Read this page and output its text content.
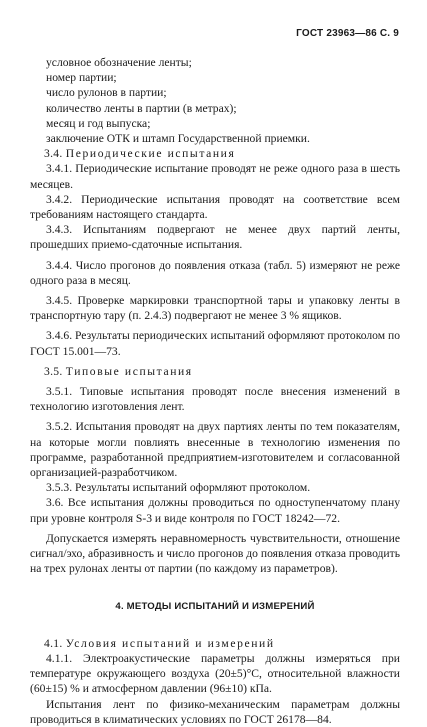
ГОСТ 23963—86 С. 9
условное обозначение ленты;
номер партии;
число рулонов в партии;
количество ленты в партии (в метрах);
месяц и год выпуска;
заключение ОТК и штамп Государственной приемки.
3.4. Периодические испытания
3.4.1. Периодические испытание проводят не реже одного раза в шесть месяцев.
3.4.2. Периодические испытания проводят на соответствие всем требованиям настоящего стандарта.
3.4.3. Испытаниям подвергают не менее двух партий ленты, прошедших приемо-сдаточные испытания.
3.4.4. Число прогонов до появления отказа (табл. 5) измеряют не реже одного раза в месяц.
3.4.5. Проверке маркировки транспортной тары и упаковку ленты в транспортную тару (п. 2.4.3) подвергают не менее 3 % ящиков.
3.4.6. Результаты периодических испытаний оформляют протоколом по ГОСТ 15.001—73.
3.5. Типовые испытания
3.5.1. Типовые испытания проводят после внесения изменений в технологию изготовления лент.
3.5.2. Испытания проводят на двух партиях ленты по тем показателям, на которые могли повлиять внесенные в технологию изменения по программе, разработанной предприятием-изготовителем и согласованной организацией-разработчиком.
3.5.3. Результаты испытаний оформляют протоколом.
3.6. Все испытания должны проводиться по одноступенчатому плану при уровне контроля S-3 и виде контроля по ГОСТ 18242—72.
Допускается измерять неравномерность чувствительности, отношение сигнал/эхо, абразивность и число прогонов до появления отказа проводить на трех рулонах ленты от партии (по каждому из параметров).
4. МЕТОДЫ ИСПЫТАНИЙ И ИЗМЕРЕНИЙ
4.1. Условия испытаний и измерений
4.1.1. Электроакустические параметры должны измеряться при температуре окружающего воздуха (20±5)°С, относительной влажности (60±15) % и атмосферном давлении (96±10) кПа.
Испытания лент по физико-механическим параметрам должны проводиться в климатических условиях по ГОСТ 26178—84.
